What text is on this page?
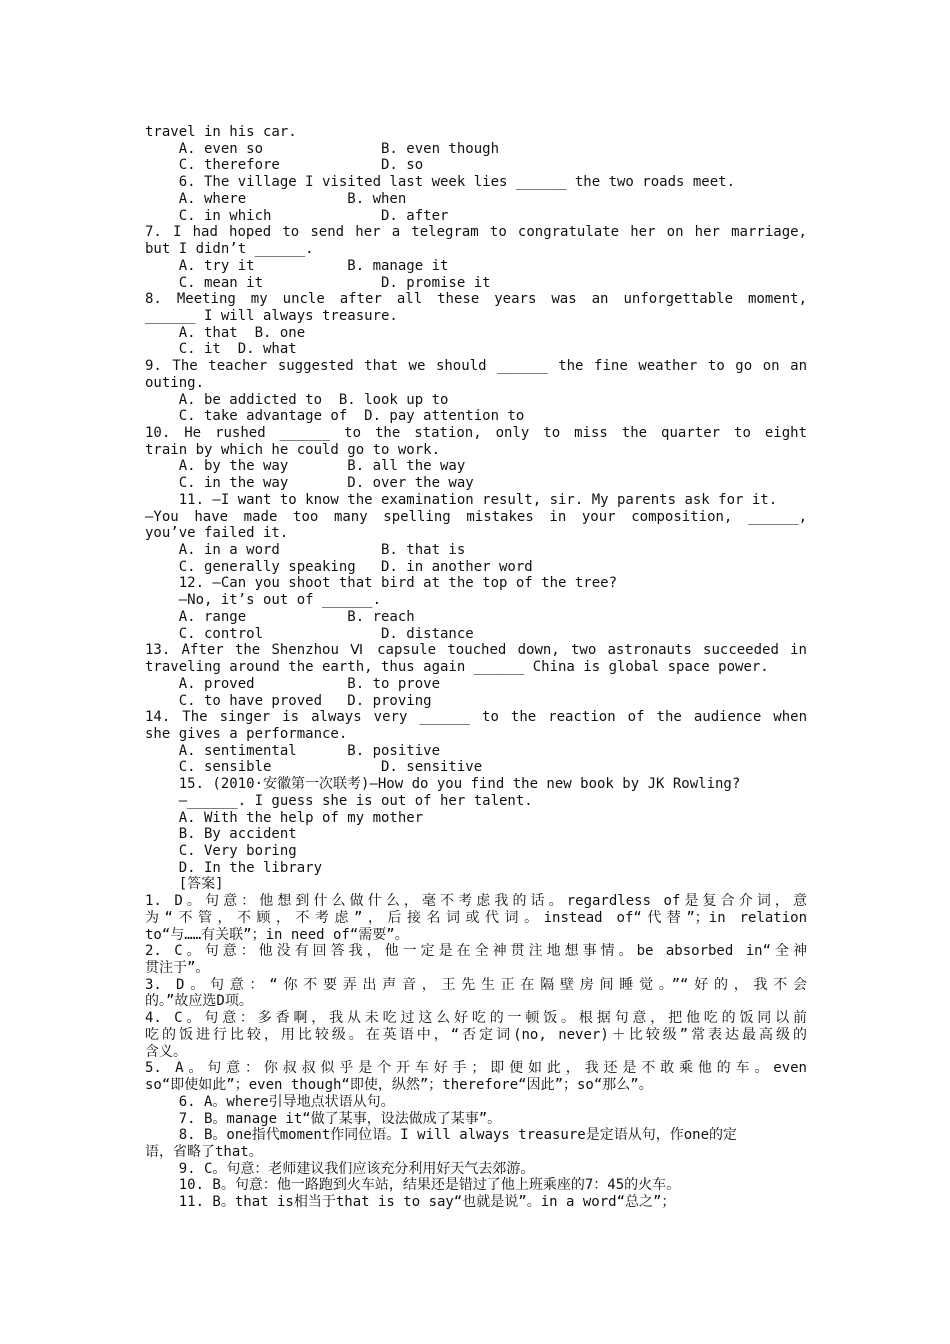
travel in his car.
A. even so              B. even though
C. therefore            D. so
6. The village I visited last week lies ______ the two roads meet.
A. where            B. when
C. in which             D. after
7. I had hoped to send her a telegram to congratulate her on her marriage,
but I didn’t ______.
A. try it           B. manage it
C. mean it              D. promise it
8. Meeting my uncle after all these years was an unforgettable moment,
______ I will always treasure.
A. that  B. one
C. it  D. what
9. The teacher suggested that we should ______ the fine weather to go on an
outing.
A. be addicted to  B. look up to
C. take advantage of  D. pay attention to
10. He rushed ______ to the station, only to miss the quarter to eight
train by which he could go to work.
A. by the way       B. all the way
C. in the way       D. over the way
11. —I want to know the examination result, sir. My parents ask for it.
—You have made too many spelling mistakes in your composition, ______,
you’ve failed it.
A. in a word            B. that is
C. generally speaking   D. in another word
12. —Can you shoot that bird at the top of the tree?
—No, it’s out of ______.
A. range            B. reach
C. control              D. distance
13. After the Shenzhou Ⅵ capsule touched down, two astronauts succeeded in
traveling around the earth, thus again ______ China is global space power.
A. proved           B. to prove
C. to have proved   D. proving
14. The singer is always very ______ to the reaction of the audience when
she gives a performance.
A. sentimental      B. positive
C. sensible             D. sensitive
15. (2010·安徽第一次联考)—How do you find the new book by JK Rowling?
—______. I guess she is out of her talent.
A. With the help of my mother
B. By accident
C. Very boring
D. In the library
[答案]
1. D。句意：他想到什么做什么，毫不考虑我的话。regardless of是复合介词，意
为“不管，不顾，不考虑”，后接名词或代词。instead of“代替”；in relation
to“与……有关联”；in need of“需要”。
2. C。句意：他没有回答我，他一定是在全神贯注地想事情。be absorbed in“全神
贯注于”。
3. D。句意：“你不要弄出声音，王先生正在隔壁房间睡觉。”“好的，我不会
的。”故应选D项。
4. C。句意：多香啊，我从未吃过这么好吃的一顿饭。根据句意，把他吃的饭同以前
吃的饭进行比较，用比较级。在英语中，“否定词(no, never)＋比较级”常表达最高级的
含义。
5. A。句意：你叔叔似乎是个开车好手；即便如此，我还是不敢乘他的车。even
so“即使如此”；even though“即使，纵然”；therefore“因此”；so“那么”。
6. A。where引导地点状语从句。
7. B。manage it“做了某事，设法做成了某事”。
8. B。one指代moment作同位语。I will always treasure是定语从句，作one的定
语，省略了that。
9. C。句意：老师建议我们应该充分利用好天气去郊游。
10. B。句意：他一路跑到火车站，结果还是错过了他上班乘座的7：45的火车。
11. B。that is相当于that is to say“也就是说”。in a word“总之”；
